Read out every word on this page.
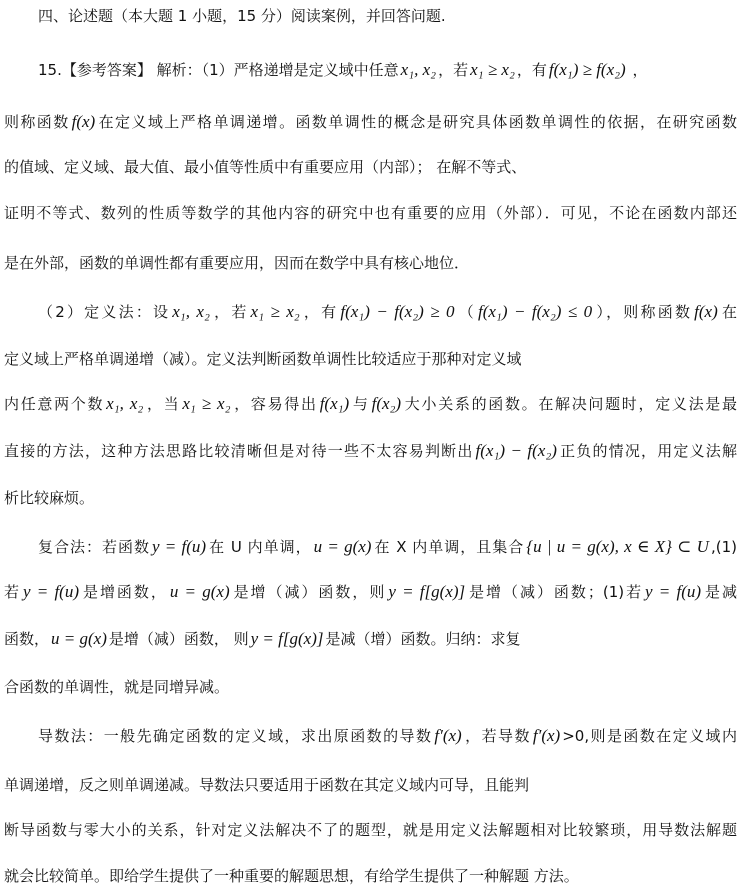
四、论述题（本大题 1 小题，15 分）阅读案例，并回答问题.
15.【参考答案】 解析：（1）严格递增是定义域中任意 x₁, x₂ ，若 x₁ ≥ x₂ ，有 f(x₁) ≥ f(x₂) ，
则称函数 f(x) 在定义域上严格单调递增。函数单调性的概念是研究具体函数单调性的依据，在研究函数
的值域、定义域、最大值、最小值等性质中有重要应用（内部）； 在解不等式、
证明不等式、数列的性质等数学的其他内容的研究中也有重要的应用（外部）．可见，不论在函数内部还
是在外部，函数的单调性都有重要应用，因而在数学中具有核心地位．
（2）定义法：设 x₁, x₂ ，若 x₁ ≥ x₂ ，有 f(x₁) − f(x₂) ≥ 0 （ f(x₁) − f(x₂) ≤ 0 ），则称函数 f(x) 在
定义域上严格单调递增（减）。定义法判断函数单调性比较适应于那种对定义域
内任意两个数 x₁, x₂ ，当 x₁ ≥ x₂ ，容易得出 f(x₁) 与 f(x₂) 大小关系的函数。在解决问题时，定义法是最
直接的方法，这种方法思路比较清晰但是对待一些不太容易判断出 f(x₁) − f(x₂) 正负的情况，用定义法解
析比较麻烦。
复合法：若函数 y = f(u) 在 U 内单调， u = g(x) 在 X 内单调，且集合 {u | u = g(x), x ∈ X} ⊂ U ,(1)
若 y = f(u) 是增函数， u = g(x) 是增（减）函数，则 y = f[g(x)] 是增（减）函数；(1)若 y = f(u) 是减
函数， u = g(x) 是增（减）函数， 则 y = f[g(x)] 是减（增）函数。归纳：求复
合函数的单调性，就是同增异减。
导数法：一般先确定函数的定义域，求出原函数的导数 f′(x) ，若导数 f′(x) >0,则是函数在定义域内
单调递增，反之则单调递减。导数法只要适用于函数在其定义域内可导，且能判
断导函数与零大小的关系，针对定义法解决不了的题型，就是用定义法解题相对比较繁琐，用导数法解题
就会比较简单。即给学生提供了一种重要的解题思想，有给学生提供了一种解题 方法。
